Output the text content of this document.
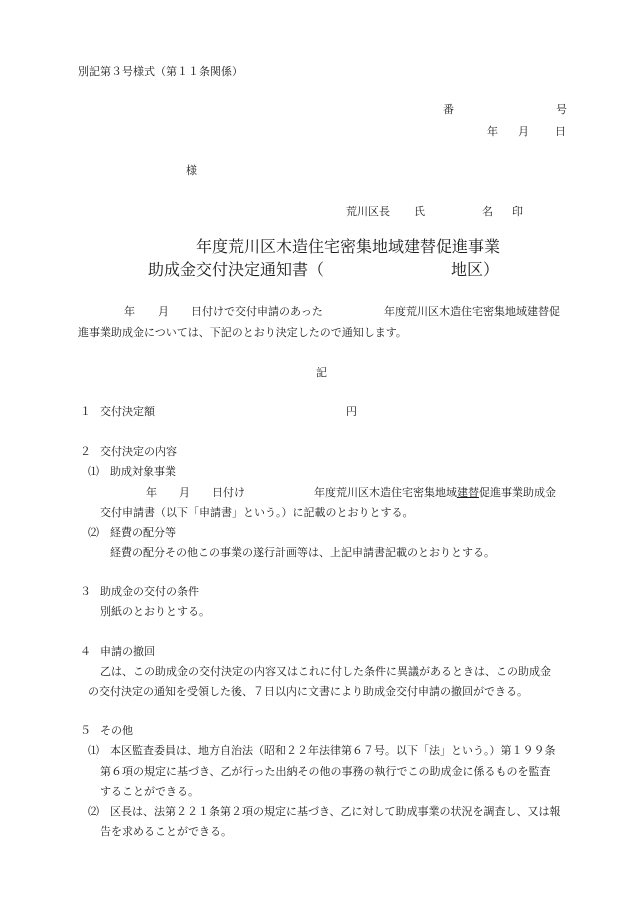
別記第３号様式（第１１条関係）
番	号
年 月 日
様
荒川区長 氏	名 印
年度荒川区木造住宅密集地域建替促進事業
助成金交付決定通知書（	地区）
年 月 日付けで交付申請のあった	年度荒川区木造住宅密集地域建替促
進事業助成金については、下記のとおり決定したので通知します。
記
１ 交付決定額	円
２ 交付決定の内容
⑴ 助成対象事業
年 月 日付け	年度荒川区木造住宅密集地域建替促進事業助成金
交付申請書（以下「申請書」という。）に記載のとおりとする。
⑵ 経費の配分等
経費の配分その他この事業の遂行計画等は、上記申請書記載のとおりとする。
３ 助成金の交付の条件
別紙のとおりとする。
４ 申請の撤回
乙は、この助成金の交付決定の内容又はこれに付した条件に異議があるときは、この助成金
の交付決定の通知を受領した後、７日以内に文書により助成金交付申請の撤回ができる。
５ その他
⑴ 本区監査委員は、地方自治法（昭和２２年法律第６７号。以下「法」という。）第１９９条
第６項の規定に基づき、乙が行った出納その他の事務の執行でこの助成金に係るものを監査
することができる。
⑵ 区長は、法第２２１条第２項の規定に基づき、乙に対して助成事業の状況を調査し、又は報
告を求めることができる。
